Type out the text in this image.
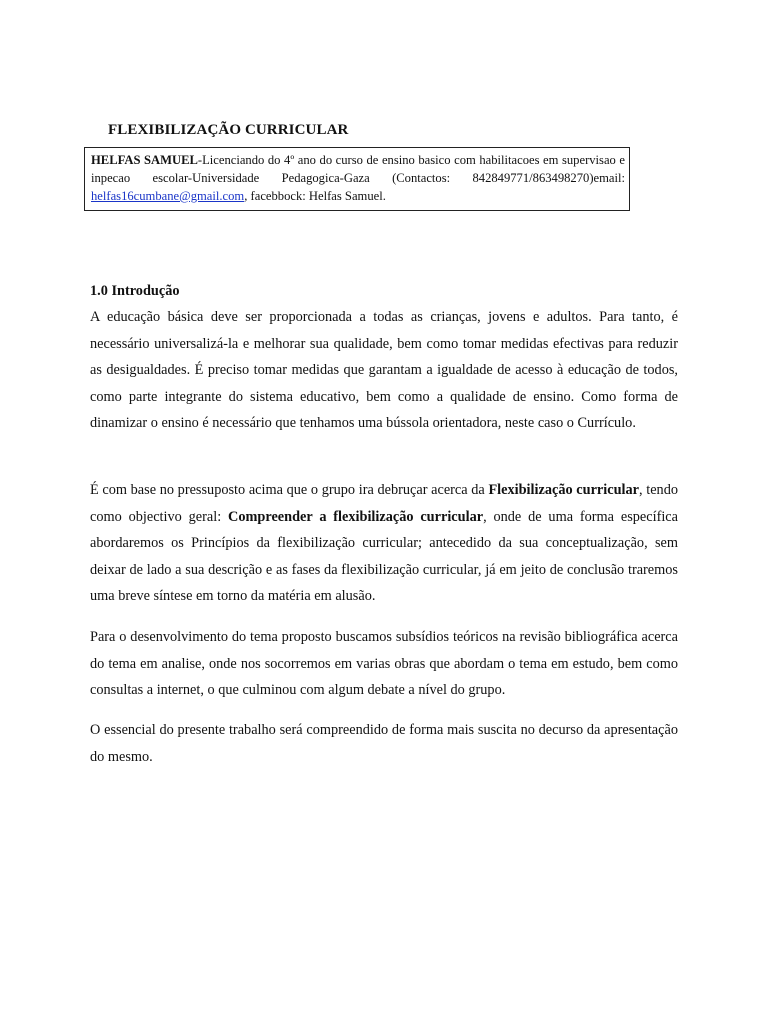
FLEXIBILIZAÇÃO CURRICULAR
HELFAS SAMUEL-Licenciando do 4º ano do curso de ensino basico com habilitacoes em supervisao e inpecao escolar-Universidade Pedagogica-Gaza (Contactos: 842849771/863498270)email: helfas16cumbane@gmail.com, facebbock: Helfas Samuel.
1.0 Introdução

A educação básica deve ser proporcionada a todas as crianças, jovens e adultos. Para tanto, é necessário universalizá-la e melhorar sua qualidade, bem como tomar medidas efectivas para reduzir as desigualdades. É preciso tomar medidas que garantam a igualdade de acesso à educação de todos, como parte integrante do sistema educativo, bem como a qualidade de ensino. Como forma de dinamizar o ensino é necessário que tenhamos uma bússola orientadora, neste caso o Currículo.

É com base no pressuposto acima que o grupo ira debruçar acerca da Flexibilização curricular, tendo como objectivo geral: Compreender a flexibilização curricular, onde de uma forma específica abordaremos os Princípios da flexibilização curricular; antecedido da sua conceptualização, sem deixar de lado a sua descrição e as fases da flexibilização curricular, já em jeito de conclusão traremos uma breve síntese em torno da matéria em alusão.

Para o desenvolvimento do tema proposto buscamos subsídios teóricos na revisão bibliográfica acerca do tema em analise, onde nos socorremos em varias obras que abordam o tema em estudo, bem como consultas a internet, o que culminou com algum debate a nível do grupo.

O essencial do presente trabalho será compreendido de forma mais suscita no decurso da apresentação do mesmo.
